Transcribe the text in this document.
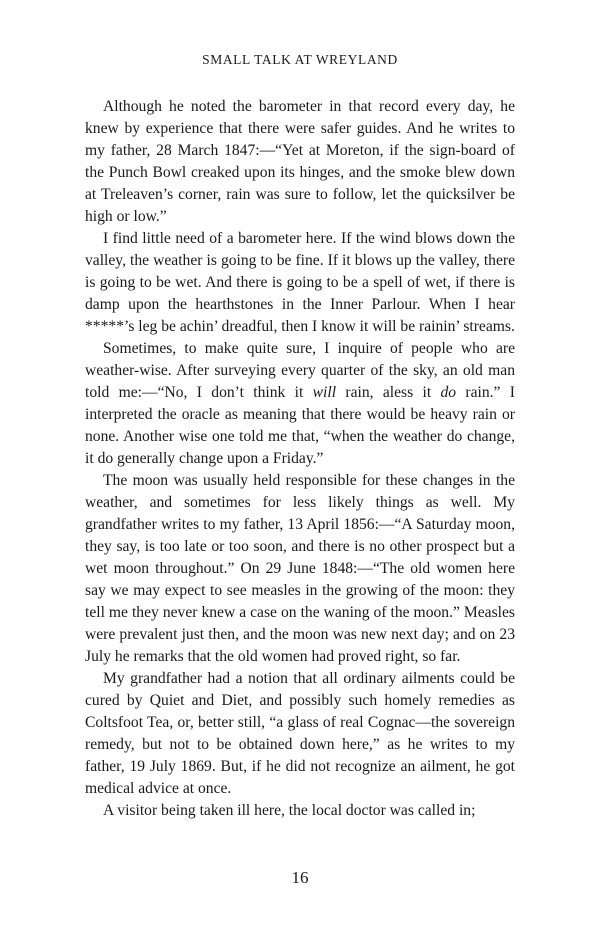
SMALL TALK AT WREYLAND

Although he noted the barometer in that record every day, he knew by experience that there were safer guides. And he writes to my father, 28 March 1847:—“Yet at Moreton, if the sign-board of the Punch Bowl creaked upon its hinges, and the smoke blew down at Treleaven’s corner, rain was sure to follow, let the quicksilver be high or low.”

I find little need of a barometer here. If the wind blows down the valley, the weather is going to be fine. If it blows up the valley, there is going to be wet. And there is going to be a spell of wet, if there is damp upon the hearthstones in the Inner Parlour. When I hear *****’s leg be achin’ dreadful, then I know it will be rainin’ streams.

Sometimes, to make quite sure, I inquire of people who are weather-wise. After surveying every quarter of the sky, an old man told me:—“No, I don’t think it will rain, aless it do rain.” I interpreted the oracle as meaning that there would be heavy rain or none. Another wise one told me that, “when the weather do change, it do generally change upon a Friday.”

The moon was usually held responsible for these changes in the weather, and sometimes for less likely things as well. My grandfather writes to my father, 13 April 1856:—“A Saturday moon, they say, is too late or too soon, and there is no other prospect but a wet moon throughout.” On 29 June 1848:—“The old women here say we may expect to see measles in the growing of the moon: they tell me they never knew a case on the waning of the moon.” Measles were prevalent just then, and the moon was new next day; and on 23 July he remarks that the old women had proved right, so far.

My grandfather had a notion that all ordinary ailments could be cured by Quiet and Diet, and possibly such homely remedies as Coltsfoot Tea, or, better still, “a glass of real Cognac—the sovereign remedy, but not to be obtained down here,” as he writes to my father, 19 July 1869. But, if he did not recognize an ailment, he got medical advice at once.

A visitor being taken ill here, the local doctor was called in;

16
